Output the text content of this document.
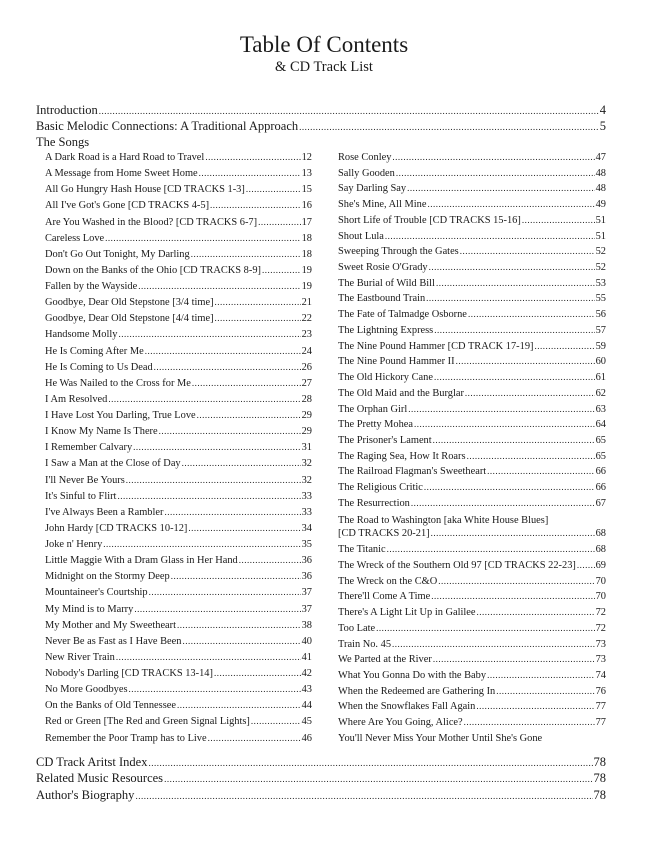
Table Of Contents
& CD Track List
Introduction .....	4
Basic Melodic Connections: A Traditional Approach .....	5
The Songs
A Dark Road is a Hard Road to Travel .....	12
A Message from Home Sweet Home .....	13
All Go Hungry Hash House [CD TRACKS 1-3] .....	15
All I've Got's Gone [CD TRACKS 4-5] .....	16
Are You Washed in the Blood? [CD TRACKS 6-7] .....	17
Careless Love .....	18
Don't Go Out Tonight, My Darling .....	18
Down on the Banks of the Ohio [CD TRACKS 8-9] .....	19
Fallen by the Wayside .....	19
Goodbye, Dear Old Stepstone [3/4 time] .....	21
Goodbye, Dear Old Stepstone [4/4 time] .....	22
Handsome Molly .....	23
He Is Coming After Me .....	24
He Is Coming to Us Dead .....	26
He Was Nailed to the Cross for Me .....	27
I Am Resolved .....	28
I Have Lost You Darling, True Love .....	29
I Know My Name Is There .....	29
I Remember Calvary .....	31
I Saw a Man at the Close of Day .....	32
I'll Never Be Yours .....	32
It's Sinful to Flirt .....	33
I've Always Been a Rambler .....	33
John Hardy [CD TRACKS 10-12] .....	34
Joke n' Henry .....	35
Little Maggie With a Dram Glass in Her Hand .....	36
Midnight on the Stormy Deep .....	36
Mountaineer's Courtship .....	37
My Mind is to Marry .....	37
My Mother and My Sweetheart .....	38
Never Be as Fast as I Have Been .....	40
New River Train .....	41
Nobody's Darling [CD TRACKS 13-14] .....	42
No More Goodbyes .....	43
On the Banks of Old Tennessee .....	44
Red or Green [The Red and Green Signal Lights] .....	45
Remember the Poor Tramp has to Live .....	46
Rose Conley .....	47
Sally Gooden .....	48
Say Darling Say .....	48
She's Mine, All Mine .....	49
Short Life of Trouble [CD TRACKS 15-16] .....	51
Shout Lula .....	51
Sweeping Through the Gates .....	52
Sweet Rosie O'Grady .....	52
The Burial of Wild Bill .....	53
The Eastbound Train .....	55
The Fate of Talmadge Osborne .....	56
The Lightning Express .....	57
The Nine Pound Hammer [CD TRACK 17-19] .....	59
The Nine Pound Hammer II .....	60
The Old Hickory Cane .....	61
The Old Maid and the Burglar .....	62
The Orphan Girl .....	63
The Pretty Mohea .....	64
The Prisoner's Lament .....	65
The Raging Sea, How It Roars .....	65
The Railroad Flagman's Sweetheart .....	66
The Religious Critic .....	66
The Resurrection .....	67
The Road to Washington [aka White House Blues]
[CD TRACKS 20-21] .....	68
The Titanic .....	68
The Wreck of the Southern Old 97 [CD TRACKS 22-23] ..... 69
The Wreck on the C&O .....	70
There'll Come A Time .....	70
There's A Light Lit Up in Galilee .....	72
Too Late .....	72
Train No. 45 .....	73
We Parted at the River .....	73
What You Gonna Do with the Baby .....	74
When the Redeemed are Gathering In .....	76
When the Snowflakes Fall Again .....	77
Where Are You Going, Alice? .....	77
You'll Never Miss Your Mother Until She's Gone
CD Track Aritst Index .....	78
Related Music Resources .....	78
Author's Biography .....	78
